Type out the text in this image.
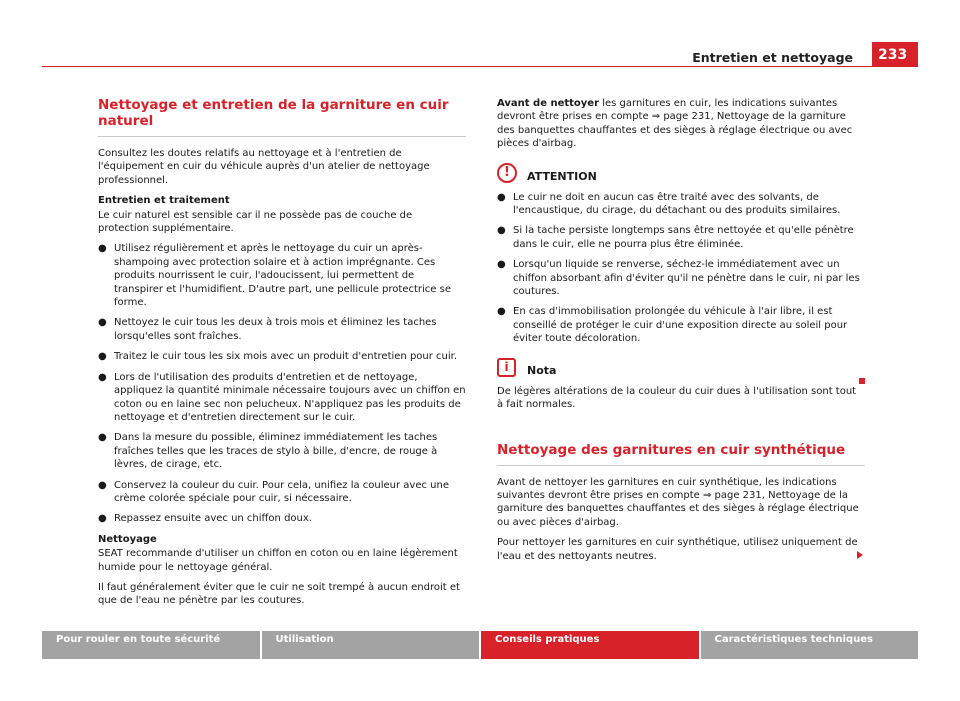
Entretien et nettoyage	233
Nettoyage et entretien de la garniture en cuir naturel

Consultez les doutes relatifs au nettoyage et à l'entretien de l'équipement en cuir du véhicule auprès d'un atelier de nettoyage professionnel.

Entretien et traitement

Le cuir naturel est sensible car il ne possède pas de couche de protection supplémentaire.

● Utilisez régulièrement et après le nettoyage du cuir un après-shampoing avec protection solaire et à action imprégnante. Ces produits nourrissent le cuir, l'adoucissent, lui permettent de transpirer et l'humidifient. D'autre part, une pellicule protectrice se forme.
● Nettoyez le cuir tous les deux à trois mois et éliminez les taches lorsqu'elles sont fraîches.
● Traitez le cuir tous les six mois avec un produit d'entretien pour cuir.
● Lors de l'utilisation des produits d'entretien et de nettoyage, appliquez la quantité minimale nécessaire toujours avec un chiffon en coton ou en laine sec non pelucheux. N'appliquez pas les produits de nettoyage et d'entretien directement sur le cuir.
● Dans la mesure du possible, éliminez immédiatement les taches fraîches telles que les traces de stylo à bille, d'encre, de rouge à lèvres, de cirage, etc.
● Conservez la couleur du cuir. Pour cela, unifiez la couleur avec une crème colorée spéciale pour cuir, si nécessaire.
● Repassez ensuite avec un chiffon doux.
Nettoyage

SEAT recommande d'utiliser un chiffon en coton ou en laine légèrement humide pour le nettoyage général.

Il faut généralement éviter que le cuir ne soit trempé à aucun endroit et que de l'eau ne pénètre par les coutures.

Avant de nettoyer les garnitures en cuir, les indications suivantes devront être prises en compte ⇒ page 231, Nettoyage de la garniture des banquettes chauffantes et des sièges à réglage électrique ou avec pièces d'airbag.

!	ATTENTION
● Le cuir ne doit en aucun cas être traité avec des solvants, de l'encaustique, du cirage, du détachant ou des produits similaires.
● Si la tache persiste longtemps sans être nettoyée et qu'elle pénètre dans le cuir, elle ne pourra plus être éliminée.
● Lorsqu'un liquide se renverse, séchez-le immédiatement avec un chiffon absorbant afin d'éviter qu'il ne pénètre dans le cuir, ni par les coutures.
● En cas d'immobilisation prolongée du véhicule à l'air libre, il est conseillé de protéger le cuir d'une exposition directe au soleil pour éviter toute décoloration.
i	Nota

De légères altérations de la couleur du cuir dues à l'utilisation sont tout à fait normales.

Nettoyage des garnitures en cuir synthétique

Avant de nettoyer les garnitures en cuir synthétique, les indications suivantes devront être prises en compte ⇒ page 231, Nettoyage de la garniture des banquettes chauffantes et des sièges à réglage électrique ou avec pièces d'airbag.

Pour nettoyer les garnitures en cuir synthétique, utilisez uniquement de l'eau et des nettoyants neutres.

Pour rouler en toute sécurité	Utilisation	Conseils pratiques	Caractéristiques techniques
